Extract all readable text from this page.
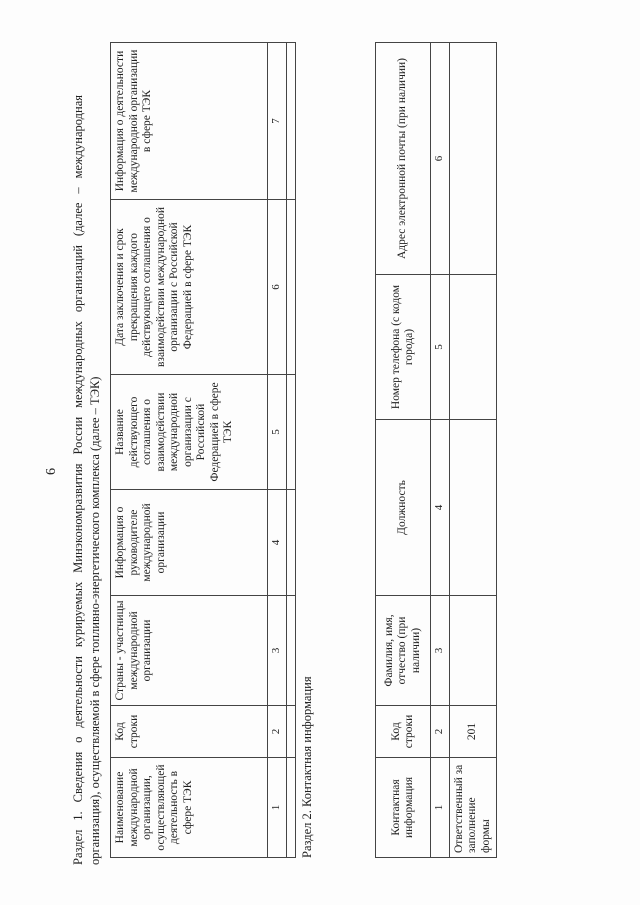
6 Раздел 1. Сведения о деятельности курируемых Минэкономразвития России международных организаций (далее – международная организация), осуществляемой в сфере топливно-энергетического комплекса (далее – ТЭК) Наименование международной организации, осуществляющей деятельность в сфере ТЭК	Код строки	Страны - участницы международной организации	Информация о руководителе международной организации	Название действующего соглашения о взаимодействии международной организации с Российской Федерацией в сфере ТЭК	Дата заключения и срок прекращения каждого действующего соглашения о взаимодействии международной организации с Российской Федерацией в сфере ТЭК	Информация о деятельности международной организации в сфере ТЭК
1	2	3	4	5	6	7

Раздел 2. Контактная информация	Контактная информация	Код строки	Фамилия, имя, отчество (при наличии)	Должность	Номер телефона (с кодом города)	Адрес электронной почты (при наличии)
1	2	3	4	5	6
Ответственный за заполнение формы	201				
